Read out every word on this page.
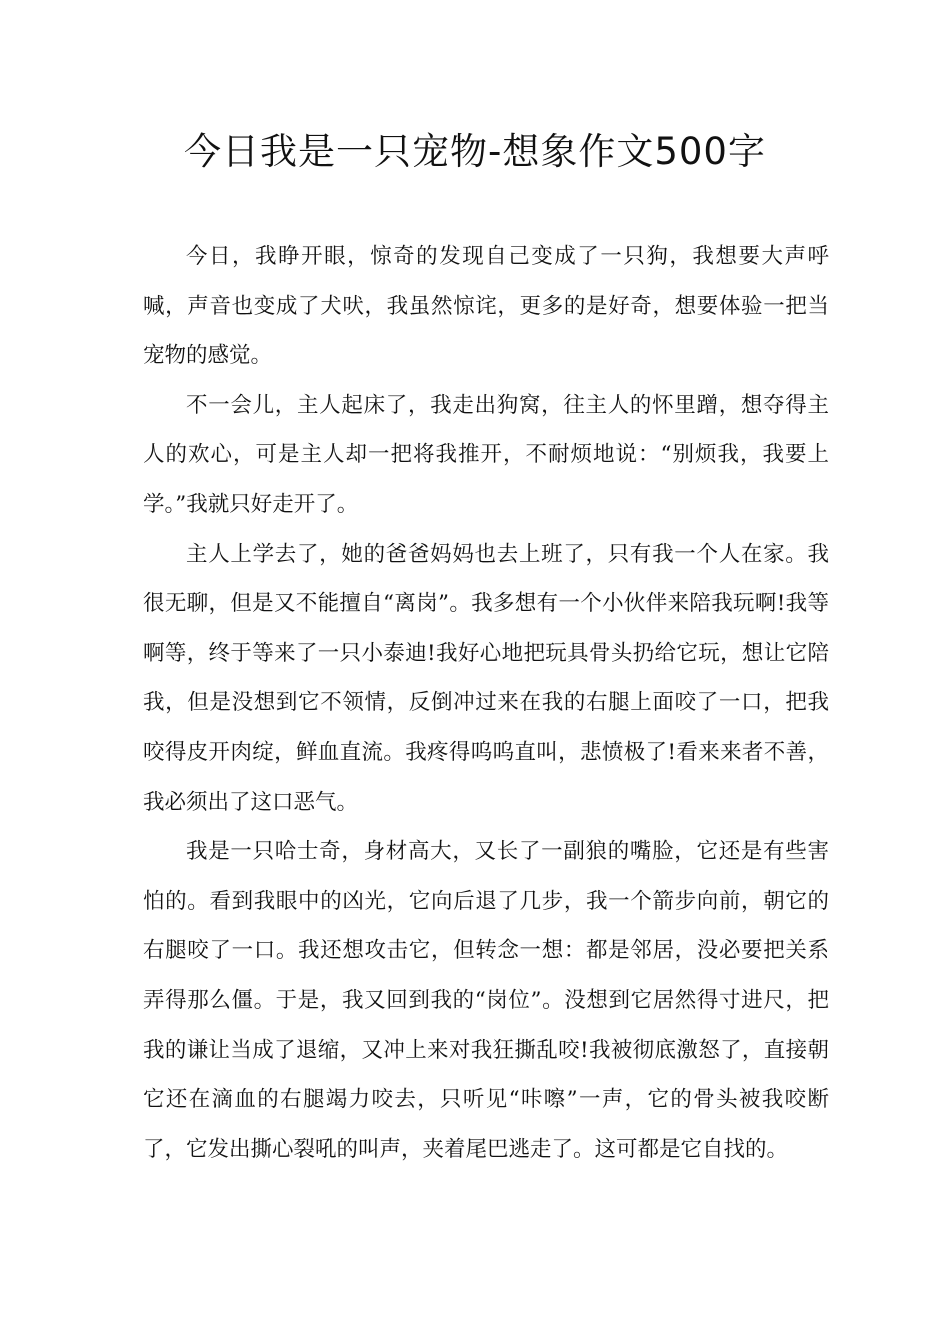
今日我是一只宠物-想象作文500字

今日，我睁开眼，惊奇的发现自己变成了一只狗，我想要大声呼喊，声音也变成了犬吠，我虽然惊诧，更多的是好奇，想要体验一把当宠物的感觉。

不一会儿，主人起床了，我走出狗窝，往主人的怀里蹭，想夺得主人的欢心，可是主人却一把将我推开，不耐烦地说：“别烦我，我要上学。”我就只好走开了。

主人上学去了，她的爸爸妈妈也去上班了，只有我一个人在家。我很无聊，但是又不能擅自“离岗”。我多想有一个小伙伴来陪我玩啊!我等啊等，终于等来了一只小泰迪!我好心地把玩具骨头扔给它玩，想让它陪我，但是没想到它不领情，反倒冲过来在我的右腿上面咬了一口，把我咬得皮开肉绽，鲜血直流。我疼得呜呜直叫，悲愤极了!看来来者不善，我必须出了这口恶气。

我是一只哈士奇，身材高大，又长了一副狼的嘴脸，它还是有些害怕的。看到我眼中的凶光，它向后退了几步，我一个箭步向前，朝它的右腿咬了一口。我还想攻击它，但转念一想：都是邻居，没必要把关系弄得那么僵。于是，我又回到我的“岗位”。没想到它居然得寸进尺，把我的谦让当成了退缩，又冲上来对我狂撕乱咬!我被彻底激怒了，直接朝它还在滴血的右腿竭力咬去，只听见“咔嚓”一声，它的骨头被我咬断了，它发出撕心裂吼的叫声，夹着尾巴逃走了。这可都是它自找的。
